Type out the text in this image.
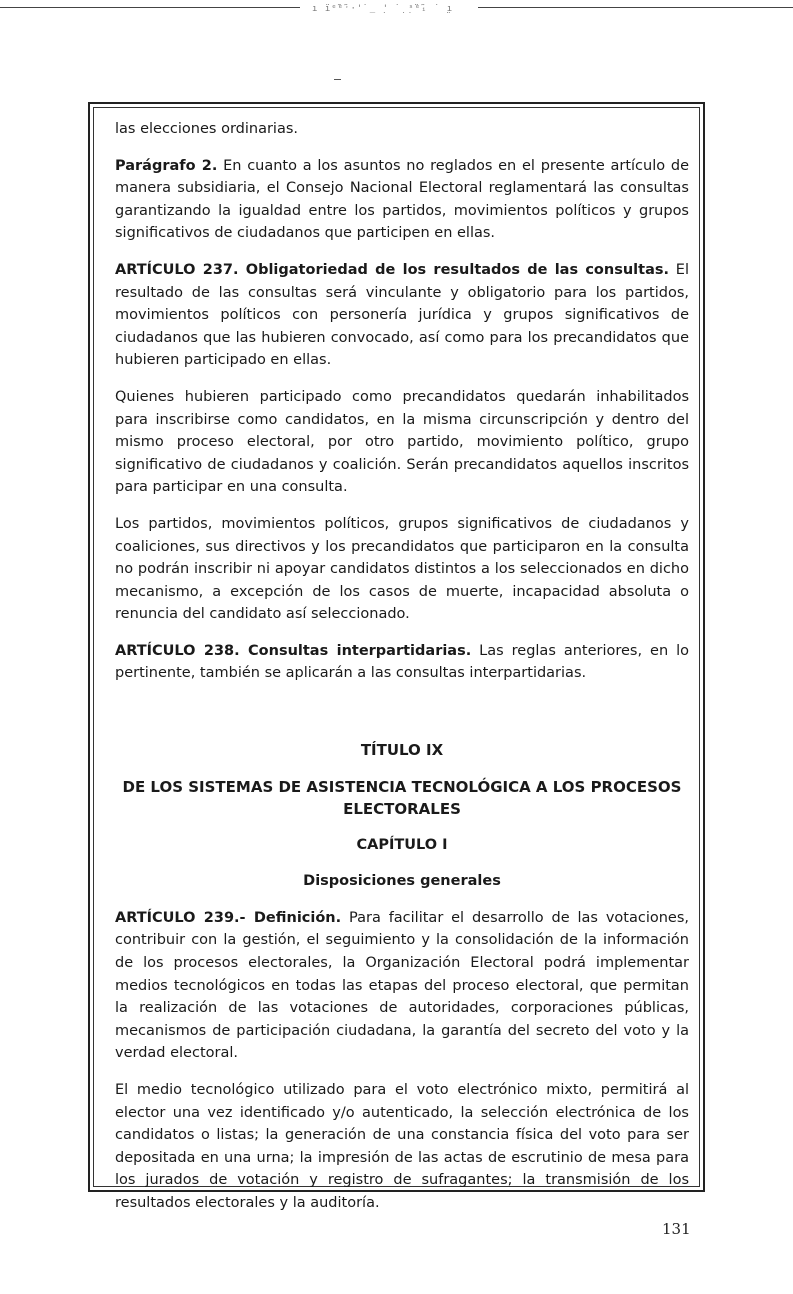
ı ı̈ᵉ̃ᵉ̃ˑ·'̇ _ ̣' ̇ ̣ ̣ˢ̈ᵉ̃ᵢ ˙ ̤ı

las elecciones ordinarias.

Parágrafo 2. En cuanto a los asuntos no reglados en el presente artículo de manera subsidiaria, el Consejo Nacional Electoral reglamentará las consultas garantizando la igualdad entre los partidos, movimientos políticos y grupos significativos de ciudadanos que participen en ellas.

ARTÍCULO 237. Obligatoriedad de los resultados de las consultas. El resultado de las consultas será vinculante y obligatorio para los partidos, movimientos políticos con personería jurídica y grupos significativos de ciudadanos que las hubieren convocado, así como para los precandidatos que hubieren participado en ellas.

Quienes hubieren participado como precandidatos quedarán inhabilitados para inscribirse como candidatos, en la misma circunscripción y dentro del mismo proceso electoral, por otro partido, movimiento político, grupo significativo de ciudadanos y coalición. Serán precandidatos aquellos inscritos para participar en una consulta.

Los partidos, movimientos políticos, grupos significativos de ciudadanos y coaliciones, sus directivos y los precandidatos que participaron en la consulta no podrán inscribir ni apoyar candidatos distintos a los seleccionados en dicho mecanismo, a excepción de los casos de muerte, incapacidad absoluta o renuncia del candidato así seleccionado.

ARTÍCULO 238. Consultas interpartidarias. Las reglas anteriores, en lo pertinente, también se aplicarán a las consultas interpartidarias.

TÍTULO IX

DE LOS SISTEMAS DE ASISTENCIA TECNOLÓGICA A LOS PROCESOS ELECTORALES

CAPÍTULO I

Disposiciones generales

ARTÍCULO 239.- Definición. Para facilitar el desarrollo de las votaciones, contribuir con la gestión, el seguimiento y la consolidación de la información de los procesos electorales, la Organización Electoral podrá implementar medios tecnológicos en todas las etapas del proceso electoral, que permitan la realización de las votaciones de autoridades, corporaciones públicas, mecanismos de participación ciudadana, la garantía del secreto del voto y la verdad electoral.

El medio tecnológico utilizado para el voto electrónico mixto, permitirá al elector una vez identificado y/o autenticado, la selección electrónica de los candidatos o listas; la generación de una constancia física del voto para ser depositada en una urna; la impresión de las actas de escrutinio de mesa para los jurados de votación y registro de sufragantes; la transmisión de los resultados electorales y la auditoría.

131
